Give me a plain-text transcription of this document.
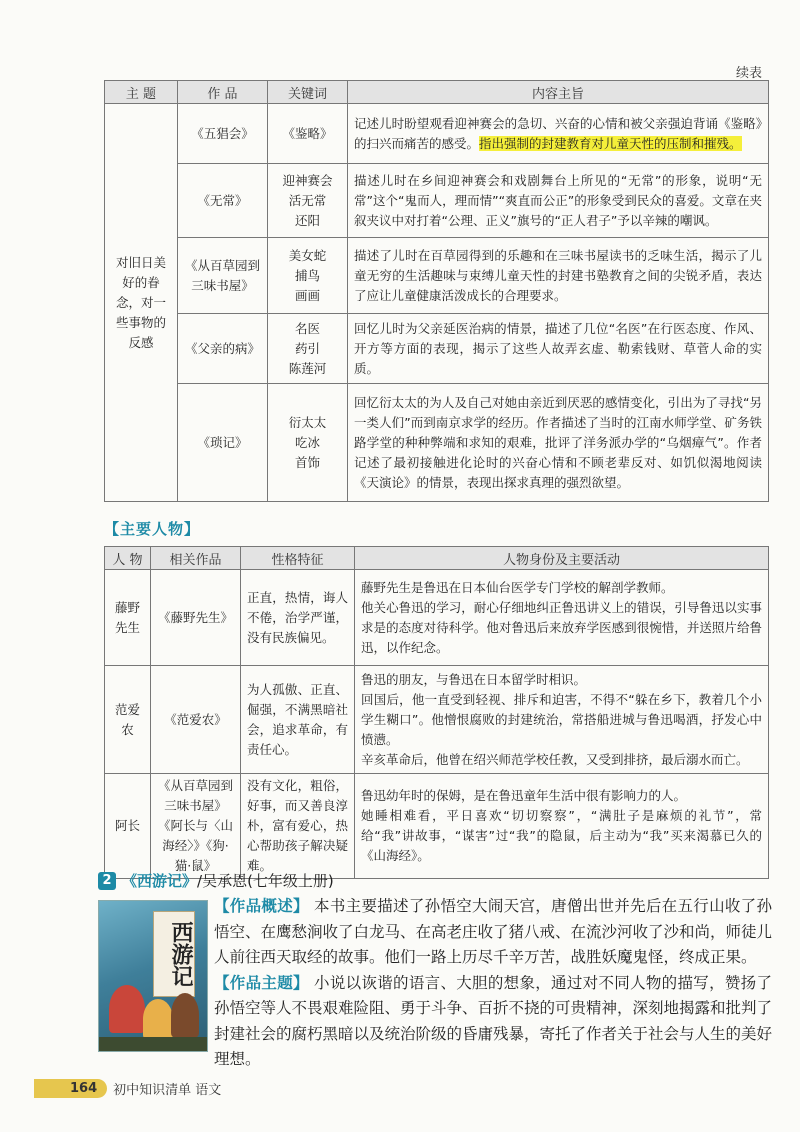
续表
主 题	作 品	关键词	内容主旨
对旧日美好的眷念，对一些事物的反感	《五猖会》	《鉴略》	记述儿时盼望观看迎神赛会的急切、兴奋的心情和被父亲强迫背诵《鉴略》的扫兴而痛苦的感受。指出强制的封建教育对儿童天性的压制和摧残。
	《无常》	迎神赛会
活无常
还阳	描述儿时在乡间迎神赛会和戏剧舞台上所见的“无常”的形象，说明“无常”这个“鬼而人，理而情”“爽直而公正”的形象受到民众的喜爱。文章在夹叙夹议中对打着“公理、正义”旗号的“正人君子”予以辛辣的嘲讽。
	《从百草园到三味书屋》	美女蛇
捕鸟
画画	描述了儿时在百草园得到的乐趣和在三味书屋读书的乏味生活，揭示了儿童无穷的生活趣味与束缚儿童天性的封建书塾教育之间的尖锐矛盾，表达了应让儿童健康活泼成长的合理要求。
	《父亲的病》	名医
药引
陈莲河	回忆儿时为父亲延医治病的情景，描述了几位“名医”在行医态度、作风、开方等方面的表现，揭示了这些人故弄玄虚、勒索钱财、草菅人命的实质。
	《琐记》	衍太太
吃冰
首饰	回忆衍太太的为人及自己对她由亲近到厌恶的感情变化，引出为了寻找“另一类人们”而到南京求学的经历。作者描述了当时的江南水师学堂、矿务铁路学堂的种种弊端和求知的艰难，批评了洋务派办学的“乌烟瘴气”。作者记述了最初接触进化论时的兴奋心情和不顾老辈反对、如饥似渴地阅读《天演论》的情景，表现出探求真理的强烈欲望。
【主要人物】
人 物	相关作品	性格特征	人物身份及主要活动
藤野先生	《藤野先生》	正直，热情，诲人不倦，治学严谨，没有民族偏见。	藤野先生是鲁迅在日本仙台医学专门学校的解剖学教师。
他关心鲁迅的学习，耐心仔细地纠正鲁迅讲义上的错误，引导鲁迅以实事求是的态度对待科学。他对鲁迅后来放弃学医感到很惋惜，并送照片给鲁迅，以作纪念。

范爱农	《范爱农》	为人孤傲、正直、倔强，不满黑暗社会，追求革命，有责任心。	鲁迅的朋友，与鲁迅在日本留学时相识。
回国后，他一直受到轻视、排斥和迫害，不得不“躲在乡下，教着几个小学生糊口”。他憎恨腐败的封建统治，常搭船进城与鲁迅喝酒，抒发心中愤懑。
辛亥革命后，他曾在绍兴师范学校任教，又受到排挤，最后溺水而亡。

阿长	《从百草园到三味书屋》《阿长与〈山海经〉》《狗·猫·鼠》	没有文化，粗俗，好事，而又善良淳朴，富有爱心，热心帮助孩子解决疑难。	鲁迅幼年时的保姆，是在鲁迅童年生活中很有影响力的人。
她睡相难看，平日喜欢“切切察察”，“满肚子是麻烦的礼节”，常给“我”讲故事，“谋害”过“我”的隐鼠，后主动为“我”买来渴慕已久的《山海经》。
2 《西游记》 /吴承恩(七年级上册)
西游记

【作品概述】 本书主要描述了孙悟空大闹天宫，唐僧出世并先后在五行山收了孙悟空、在鹰愁涧收了白龙马、在高老庄收了猪八戒、在流沙河收了沙和尚，师徒儿人前往西天取经的故事。他们一路上历尽千辛万苦，战胜妖魔鬼怪，终成正果。

【作品主题】 小说以诙谐的语言、大胆的想象，通过对不同人物的描写，赞扬了孙悟空等人不畏艰难险阻、勇于斗争、百折不挠的可贵精神，深刻地揭露和批判了封建社会的腐朽黑暗以及统治阶级的昏庸残暴，寄托了作者关于社会与人生的美好理想。

164	初中知识清单 语文
